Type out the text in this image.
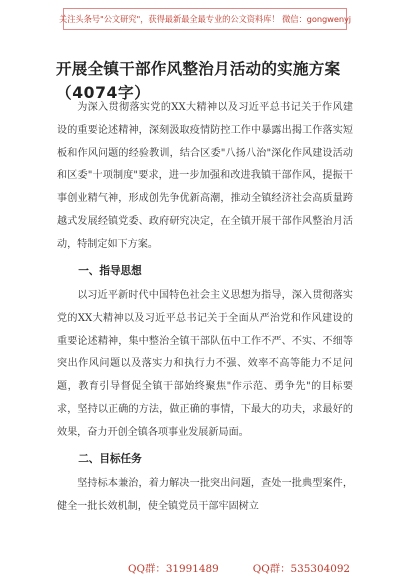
关注头条号"公文研究"，获得最新最全最专业的公文资料库！ 微信：gongwenyj
开展全镇干部作风整治月活动的实施方案
（4074字）

为深入贯彻落实党的XX大精神以及习近平总书记关于作风建设的重要论述精神，深刻汲取疫情防控工作中暴露出揭工作落实短板和作风问题的经验教训，结合区委"八扬八治"深化作风建设活动和区委"十项制度"要求，进一步加强和改进我镇干部作风，提振干事创业精气神，形成创先争优新高潮，推动全镇经济社会高质量跨越式发展经镇党委、政府研究决定，在全镇开展干部作风整治月活动，特制定如下方案。

一、指导思想

以习近平新时代中国特色社会主义思想为指导，深入贯彻落实党的XX大精神以及习近平总书记关于全面从严治党和作风建设的重要论述精神，集中整治全镇干部队伍中工作不严、不实、不细等突出作风问题以及落实力和执行力不强、效率不高等能力不足问题，教育引导督促全镇干部始终聚焦"作示范、勇争先"的目标要求，坚持以正确的方法，做正确的事情，下最大的功夫，求最好的效果，奋力开创全镇各项事业发展新局面。

二、目标任务

坚持标本兼治，着力解决一批突出问题，查处一批典型案件，健全一批长效机制，使全镇党员干部牢固树立

QQ群：31991489	QQ群：535304092
